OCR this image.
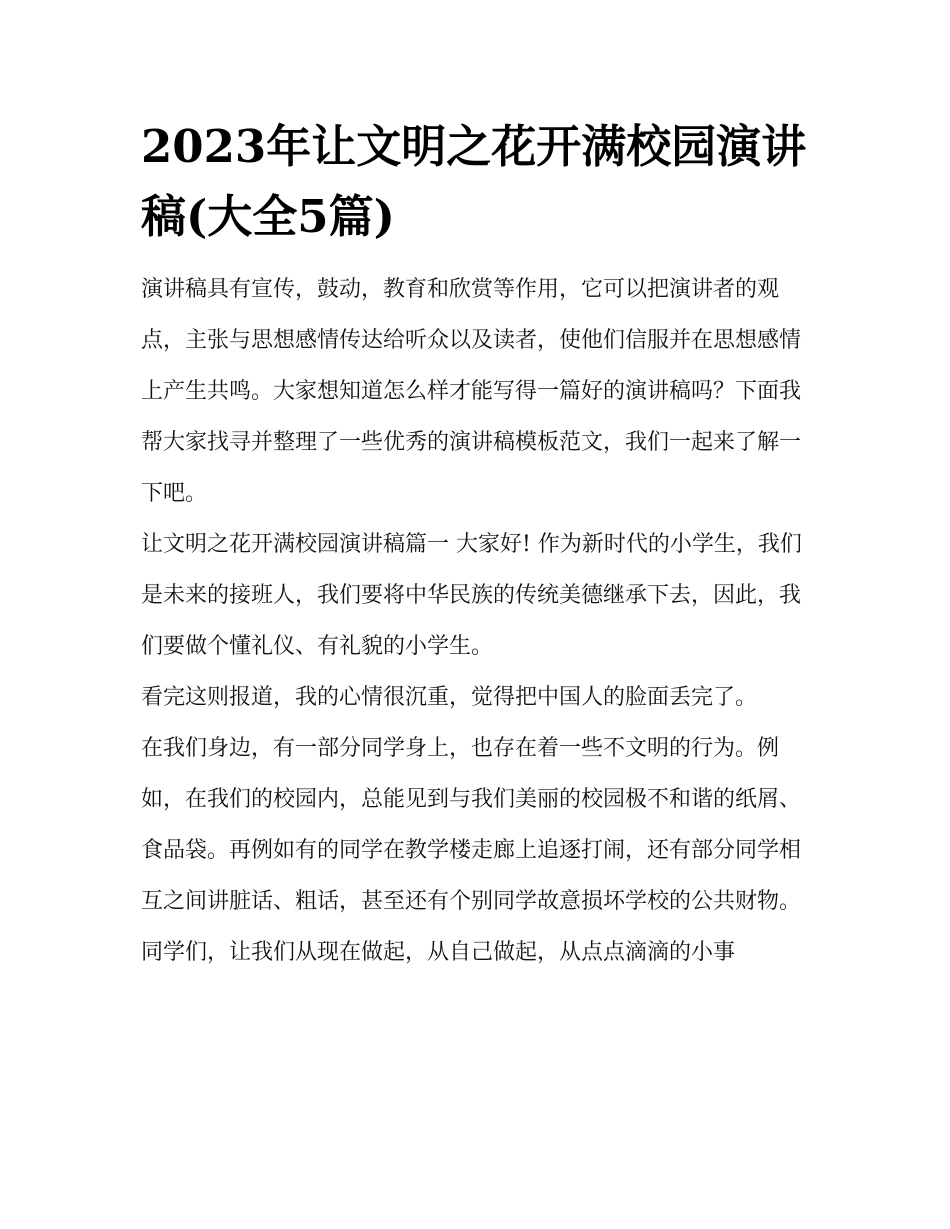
2023年让文明之花开满校园演讲稿(大全5篇)

演讲稿具有宣传，鼓动，教育和欣赏等作用，它可以把演讲者的观点，主张与思想感情传达给听众以及读者，使他们信服并在思想感情上产生共鸣。大家想知道怎么样才能写得一篇好的演讲稿吗？下面我帮大家找寻并整理了一些优秀的演讲稿模板范文，我们一起来了解一下吧。

让文明之花开满校园演讲稿篇一 大家好! 作为新时代的小学生，我们是未来的接班人，我们要将中华民族的传统美德继承下去，因此，我们要做个懂礼仪、有礼貌的小学生。

看完这则报道，我的心情很沉重，觉得把中国人的脸面丢完了。

在我们身边，有一部分同学身上，也存在着一些不文明的行为。例如，在我们的校园内，总能见到与我们美丽的校园极不和谐的纸屑、食品袋。再例如有的同学在教学楼走廊上追逐打闹，还有部分同学相互之间讲脏话、粗话，甚至还有个别同学故意损坏学校的公共财物。

同学们，让我们从现在做起，从自己做起，从点点滴滴的小事
